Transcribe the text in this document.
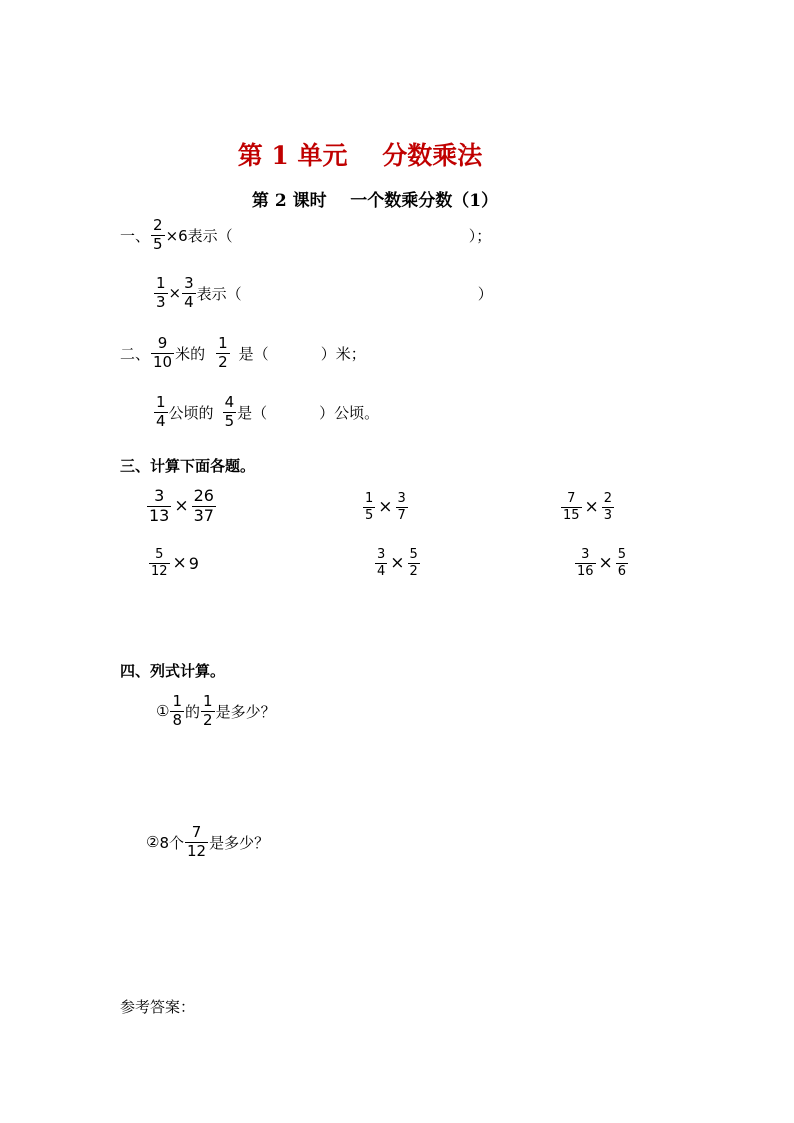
第 1 单元    分数乘法
第 2 课时    一个数乘分数（1）
一、 $\frac{2}{5} \times 6$表示（	）；
$\frac{1}{3} \times \frac{3}{4}$ 表示（	）
二、 $\frac{9}{10}$ 米的 $\frac{1}{2}$ 是（	）米；
$\frac{1}{4}$ 公顷的 $\frac{4}{5}$ 是（	）公顷。
三、计算下面各题。
$\frac{3}{13} \times \frac{26}{37}$	$\frac{1}{5} \times \frac{3}{7}$	$\frac{7}{15} \times \frac{2}{3}$
$\frac{5}{12} \times 9$	$\frac{3}{4} \times \frac{5}{2}$	$\frac{3}{16} \times \frac{5}{6}$
四、列式计算。
① $\frac{1}{8}$ 的 $\frac{1}{2}$ 是多少？
② 8个 $\frac{7}{12}$ 是多少？
参考答案：
